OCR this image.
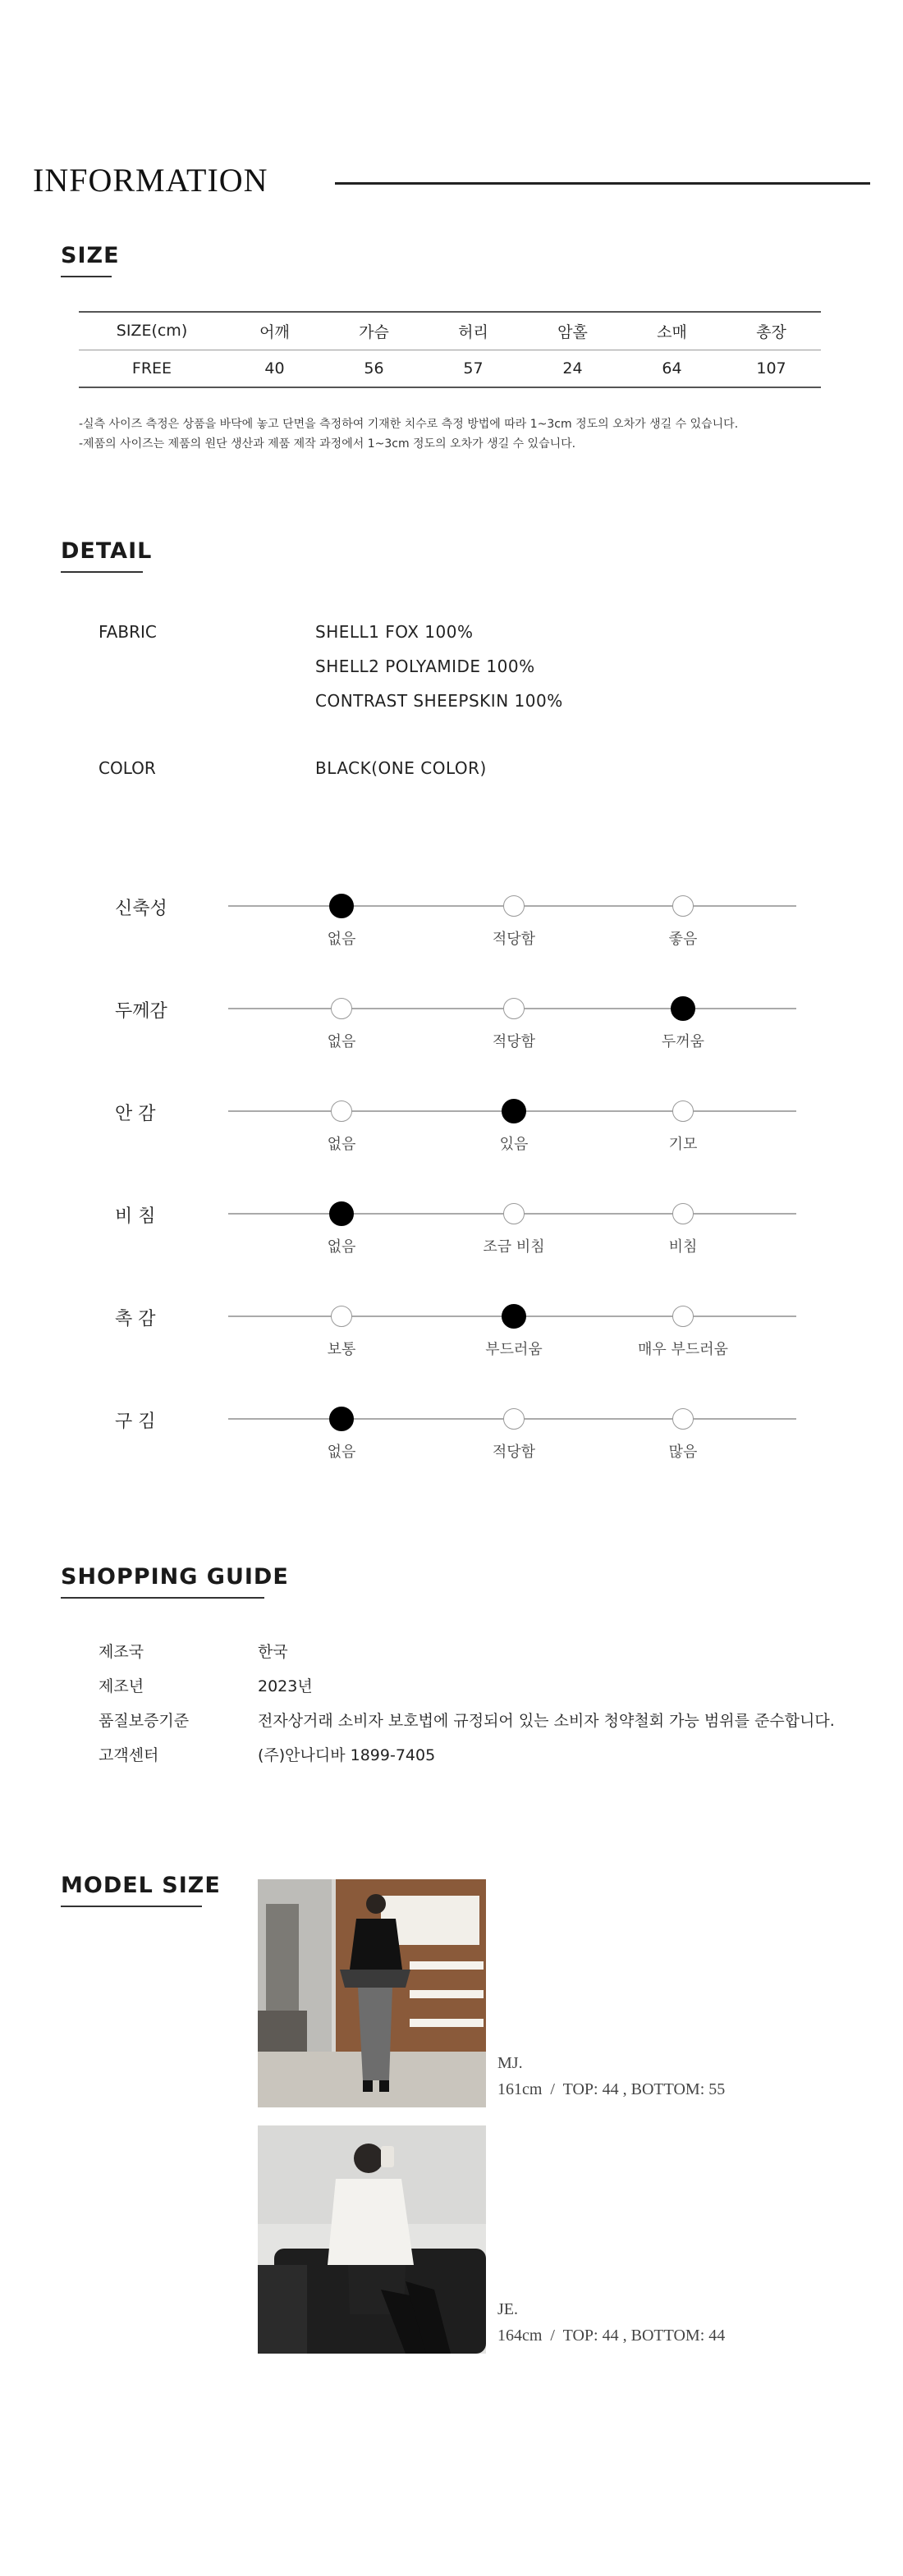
INFORMATION
SIZE
SIZE(cm)	어깨	가슴	허리	암홀	소매	총장
FREE	40	56	57	24	64	107
-실측 사이즈 측정은 상품을 바닥에 놓고 단면을 측정하여 기재한 치수로 측정 방법에 따라 1~3cm 정도의 오차가 생길 수 있습니다.
-제품의 사이즈는 제품의 원단 생산과 제품 제작 과정에서 1~3cm 정도의 오차가 생길 수 있습니다.
DETAIL
FABRIC	SHELL1 FOX 100%
SHELL2 POLYAMIDE 100%
CONTRAST SHEEPSKIN 100%
COLOR	BLACK(ONE COLOR)
신축성
없음	적당함	좋음
두께감
없음	적당함	두꺼움
안 감
없음	있음	기모
비 침
없음	조금 비침	비침
촉 감
보통	부드러움	매우 부드러움
구 김
없음	적당함	많음
SHOPPING GUIDE
제조국	한국
제조년	2023년
품질보증기준	전자상거래 소비자 보호법에 규정되어 있는 소비자 청약철회 가능 범위를 준수합니다.
고객센터	(주)안나디바 1899-7405
MODEL SIZE
MJ.
161cm  /  TOP: 44 , BOTTOM: 55
JE.
164cm  /  TOP: 44 , BOTTOM: 44
